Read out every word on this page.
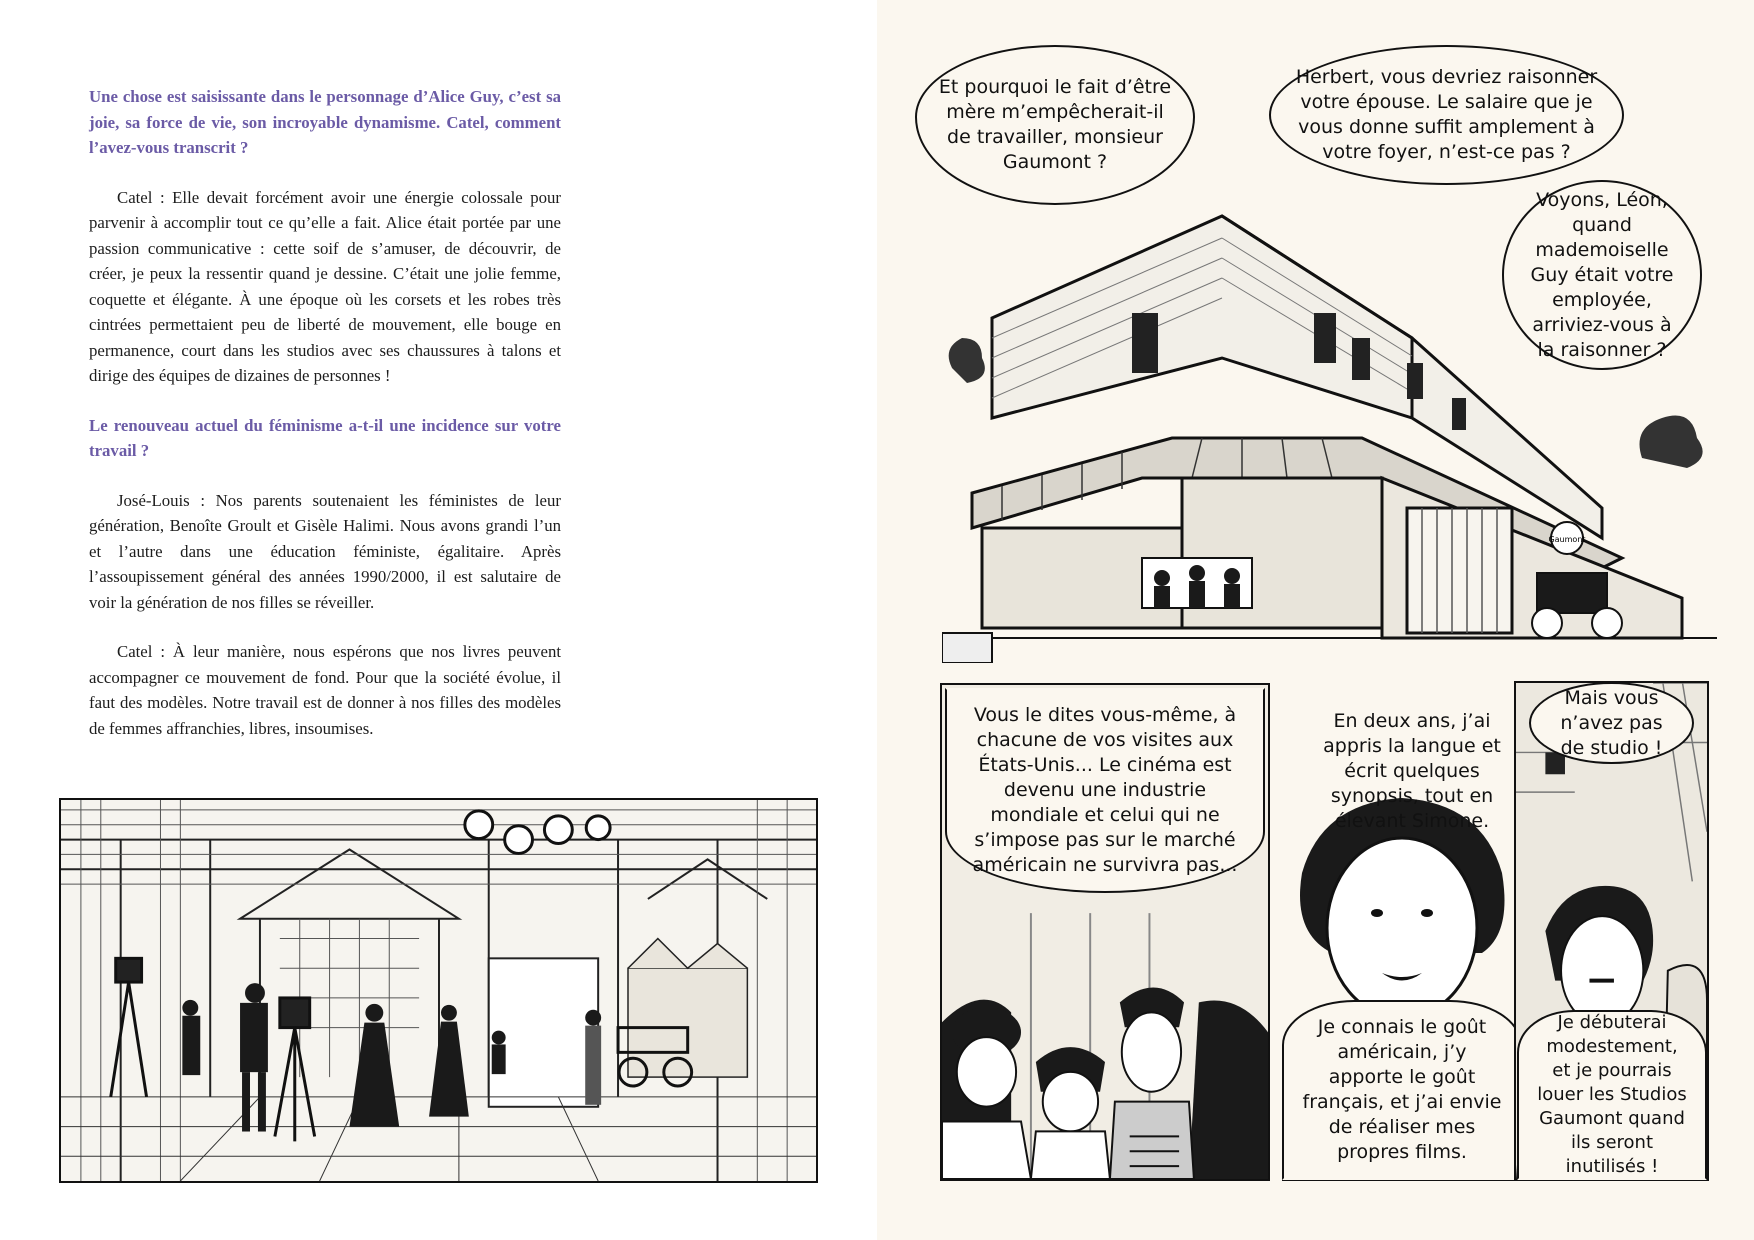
Une chose est saisissante dans le personnage d’Alice Guy, c’est sa joie, sa force de vie, son incroyable dynamisme. Catel, comment l’avez-vous transcrit ?

Catel : Elle devait forcément avoir une énergie colossale pour parvenir à accomplir tout ce qu’elle a fait. Alice était portée par une passion communicative : cette soif de s’amuser, de découvrir, de créer, je peux la ressentir quand je dessine. C’était une jolie femme, coquette et élégante. À une époque où les corsets et les robes très cintrées permettaient peu de liberté de mouvement, elle bouge en permanence, court dans les studios avec ses chaussures à talons et dirige des équipes de dizaines de personnes !

Le renouveau actuel du féminisme a-t-il une incidence sur votre travail ?

José-Louis : Nos parents soutenaient les féministes de leur génération, Benoîte Groult et Gisèle Halimi. Nous avons grandi l’un et l’autre dans une éducation féministe, égalitaire. Après l’assoupissement général des années 1990/2000, il est salutaire de voir la génération de nos filles se réveiller.

Catel : À leur manière, nous espérons que nos livres peuvent accompagner ce mouvement de fond. Pour que la société évolue, il faut des modèles. Notre travail est de donner à nos filles des modèles de femmes affranchies, libres, insoumises.

Gaumont
Et pourquoi le fait d’être mère m’empêcherait-il de travailler, monsieur Gaumont ?
Herbert, vous devriez raisonner votre épouse. Le salaire que je vous donne suffit amplement à votre foyer, n’est-ce pas ?
Voyons, Léon, quand mademoiselle Guy était votre employée, arriviez-vous à la raisonner ?
Vous le dites vous-même, à chacune de vos visites aux États-Unis... Le cinéma est devenu une industrie mondiale et celui qui ne s’impose pas sur le marché américain ne survivra pas...
En deux ans, j’ai appris la langue et écrit quelques synopsis, tout en élevant Simone.
Je connais le goût américain, j’y apporte le goût français, et j’ai envie de réaliser mes propres films.
Mais vous n’avez pas de studio !
Je débuterai modestement, et je pourrais louer les Studios Gaumont quand ils seront inutilisés !
